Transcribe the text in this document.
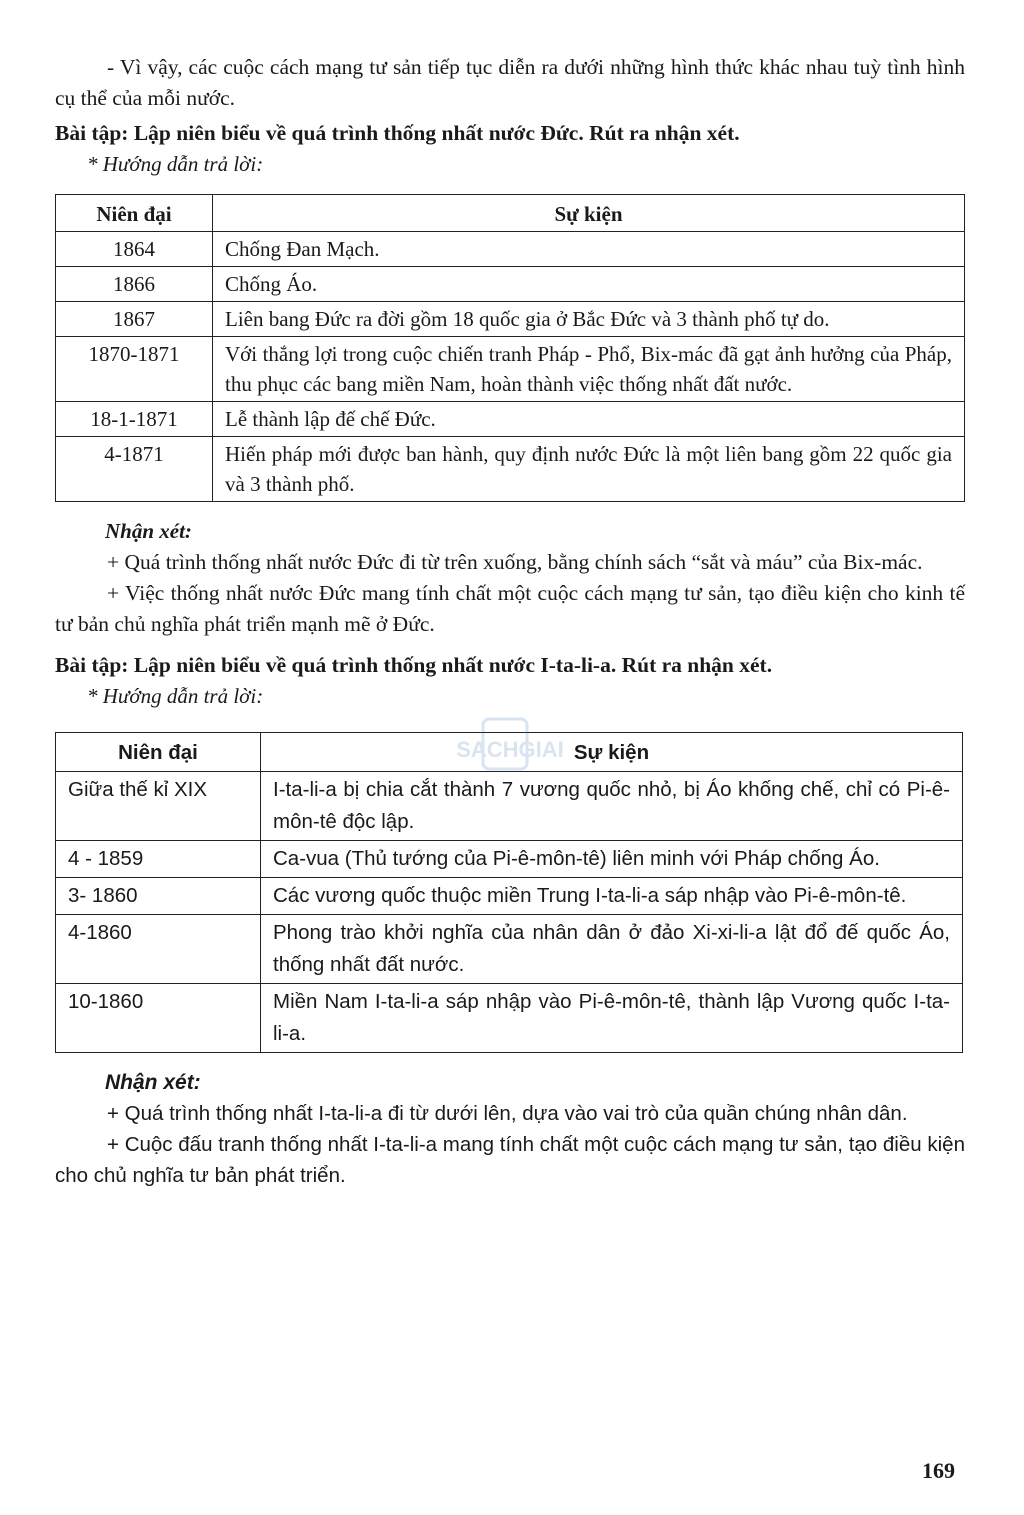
- Vì vậy, các cuộc cách mạng tư sản tiếp tục diễn ra dưới những hình thức khác nhau tuỳ tình hình cụ thể của mỗi nước.

Bài tập: Lập niên biểu về quá trình thống nhất nước Đức. Rút ra nhận xét.
* Hướng dẫn trả lời:
Niên đại	Sự kiện
1864	Chống Đan Mạch.
1866	Chống Áo.
1867	Liên bang Đức ra đời gồm 18 quốc gia ở Bắc Đức và 3 thành phố tự do.
1870-1871	Với thắng lợi trong cuộc chiến tranh Pháp - Phổ, Bix-mác đã gạt ảnh hưởng của Pháp, thu phục các bang miền Nam, hoàn thành việc thống nhất đất nước.
18-1-1871	Lễ thành lập đế chế Đức.
4-1871	Hiến pháp mới được ban hành, quy định nước Đức là một liên bang gồm 22 quốc gia và 3 thành phố.
Nhận xét:

+ Quá trình thống nhất nước Đức đi từ trên xuống, bằng chính sách “sắt và máu” của Bix-mác.

+ Việc thống nhất nước Đức mang tính chất một cuộc cách mạng tư sản, tạo điều kiện cho kinh tế tư bản chủ nghĩa phát triển mạnh mẽ ở Đức.

Bài tập: Lập niên biểu về quá trình thống nhất nước I-ta-li-a. Rút ra nhận xét.
* Hướng dẫn trả lời:
Niên đại	Sự kiện
Giữa thế kỉ XIX	I-ta-li-a bị chia cắt thành 7 vương quốc nhỏ, bị Áo khống chế, chỉ có Pi-ê-môn-tê độc lập.
4 - 1859	Ca-vua (Thủ tướng của Pi-ê-môn-tê) liên minh với Pháp chống Áo.
3- 1860	Các vương quốc thuộc miền Trung I-ta-li-a sáp nhập vào Pi-ê-môn-tê.
4-1860	Phong trào khởi nghĩa của nhân dân ở đảo Xi-xi-li-a lật đổ đế quốc Áo, thống nhất đất nước.
10-1860	Miền Nam I-ta-li-a sáp nhập vào Pi-ê-môn-tê, thành lập Vương quốc I-ta-li-a.
Nhận xét:

+ Quá trình thống nhất I-ta-li-a đi từ dưới lên, dựa vào vai trò của quần chúng nhân dân.

+ Cuộc đấu tranh thống nhất I-ta-li-a mang tính chất một cuộc cách mạng tư sản, tạo điều kiện cho chủ nghĩa tư bản phát triển.

SACHGIAI
169
